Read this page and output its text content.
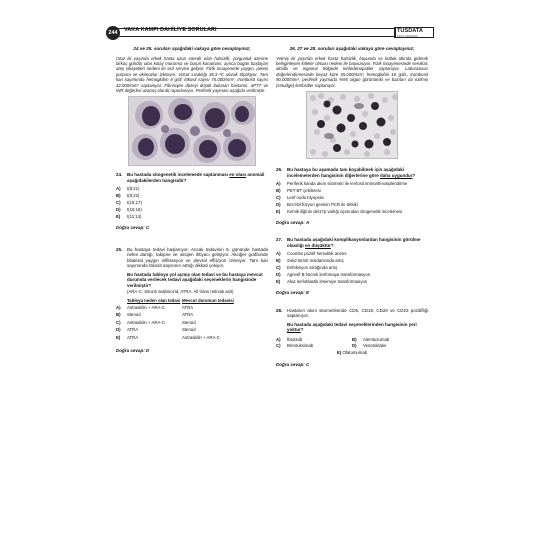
244	VAKA KAMPI DAHİLİYE SORULARI	TUSDATA
TIPTA UZMANLIK
24 ve 25. soruları aşağıdaki vakaya göre cevaplayınız;
Otuz iki yaşında erkek hasta uzun süredir olan halsizlik, yorgunluk üzerine birkaç gündür olan kolay morarma ve burun kanaması, ayrıca bugün başlayan ateş şikayetleri nedeni ile acil servise geliyor. Fizik muayenede yaygın, peteşi purpura ve ekimozlar izleniyor. Vücut sıcaklığı 38,3 ºC olarak ölçülüyor. Tam kan sayımında hemoglobin 8 g/dl, lökosit sayısı 75.000/mm³, trombosit sayısı 42.000/mm³ saptanıyor. Fibrinojen düzeyi düşük bulunan hastanın, aPTT ve INR değerleri uzamış olarak raporlanıyor. Periferik yayması aşağıda verilmiştir.
24.	Bu hastada sitogenetik incelemede saptanması en olası anomali aşağıdakilerden hangisidir?
A)	t(8;21)
B)	t(9;22)
C)	t(15;17)
D)	t(16;16)
E)	t(11;14)
Doğru cevap: C
25.	Bu hastaya tedavi başlanıyor. Ancak tedavinin 5. gününde hastada nefes darlığı, takipne ve oksijen ihtiyacı gelişiyor. Akciğer grafisinde bilateral yaygın infiltrasyon ve plevral effüzyon izleniyor. Tam kan sayımında lökosit sayısının arttığı dikkati çekiyor.
Bu hastada tabloya yol açmış olan tedavi ve bu hastaya mevcut durumda verilecek tedavi aşağıdaki seçeneklerin hangisinde verilmiştir?
(ARA-C: Sitozin arabinozid, ATRA: All trans retinoik asit)
Tabloya neden olan tedavi Mevcut durumun tedavisi
A)	Antrasiklin + ARA-C	ATRA
B)	Steroid	ATRA
C)	Antrasiklin + ARA-C	Steroid
D)	ATRA	Steroid
E)	ATRA	Antrasiklin + ARA-C
Doğru cevap: D
26, 27 ve 28. soruları aşağıdaki vakaya göre cevaplayınız;
Yetmiş iki yaşında erkek hasta halsizlik, boyunda ve koltuk altında giderek belirginleşen kitleler olması nedeni ile başvuruyor. Fizik muayenesinde servikal, aksilla ve inguinal bölgede lenfadenopatiler saptanıyor. Laboratuvar değerlendirmesinde beyaz küre 55.000/mm³, hemoglobin 10 g/dL, trombosit 90.000/mm³, periferik yaymada %95 olgun görünümlü ve bazıları da ezilmiş (smudge) lenfositler saptanıyor.
26.	Bu hastaya bu aşamada tanı koyabilmek için aşağıdaki incelemelerden hangisinin diğerlerine göre daha uygundur?
A)	Periferik kanda akım sitometri ile lenfosit immünfenotiplendirme
B)	PET-BT çekilmesi
C)	Lenf nodu biyopsisi
D)	Bcr/Abl füzyon geninin PCR ile tetkiki
E)	Kemik iliğinin del17p varlığı açısından sitogenetik incelemesi
Doğru cevap: A
27.	Bu hastada aşağıdaki komplikasyonlardan hangisinin görülme olasılığı en düşüktür?
A)	Coombs pozitif hemolitik anemi
B)	Solid tümör insidansında artış
C)	Enfeksiyon sıklığında artış
D)	Agresif B hücreli lenfomaya transformasyon
E)	Akut lenfoblastik lösemiye transformasyon
Doğru cevap: E
28.	Hastanın akım sitometrisinde CD5, CD19, CD20 ve CD23 pozitifliği saptanıyor.
Bu hastada aşağıdaki tedavi seçeneklerinden hangisinin yeri yoktur?
A)	İbrutinib	B)	Alemtuzumab
C)	Brentuksimab	D)	Venetoklaks
E) Ofatumumab
Doğru cevap: C
